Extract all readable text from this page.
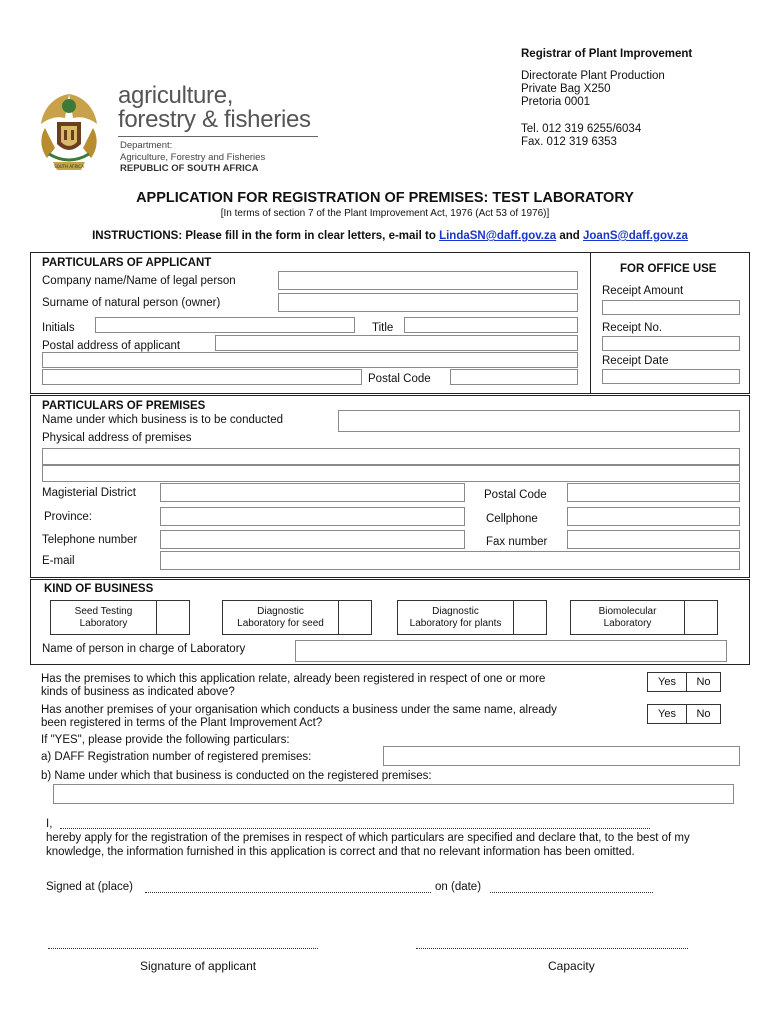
SOUTH AFRICA
agriculture,
forestry & fisheries
Department:
Agriculture, Forestry and Fisheries
REPUBLIC OF SOUTH AFRICA
Registrar of Plant Improvement
Directorate Plant Production
Private Bag X250
Pretoria 0001
Tel. 012 319 6255/6034
Fax. 012 319 6353
APPLICATION FOR REGISTRATION OF PREMISES: TEST LABORATORY
[In terms of section 7 of the Plant Improvement Act, 1976 (Act 53 of 1976)]
INSTRUCTIONS: Please fill in the form in clear letters, e-mail to LindaSN@daff.gov.za and JoanS@daff.gov.za
PARTICULARS OF APPLICANT
Company name/Name of legal person
Surname of natural person (owner)
Initials	Title
Postal address of applicant
Postal Code
FOR OFFICE USE
Receipt Amount
Receipt No.
Receipt Date
PARTICULARS OF PREMISES
Name under which business is to be conducted
Physical address of premises
Magisterial District	Postal Code
Province:	Cellphone
Telephone number	Fax number
E-mail
KIND OF BUSINESS
Seed Testing
Laboratory
Diagnostic
Laboratory for seed
Diagnostic
Laboratory for plants
Biomolecular
Laboratory
Name of person in charge of Laboratory
Has the premises to which this application relate, already been registered in respect of one or more
kinds of business as indicated above?
Yes	No
Has another premises of your organisation which conducts a business under the same name, already
been registered in terms of the Plant Improvement Act?
Yes	No
If "YES", please provide the following particulars:
a) DAFF Registration number of registered premises:
b) Name under which that business is conducted on the registered premises:
I,
hereby apply for the registration of the premises in respect of which particulars are specified and declare that, to the best of my
knowledge, the information furnished in this application is correct and that no relevant information has been omitted.
Signed at (place)	on (date)
Signature of applicant	Capacity
